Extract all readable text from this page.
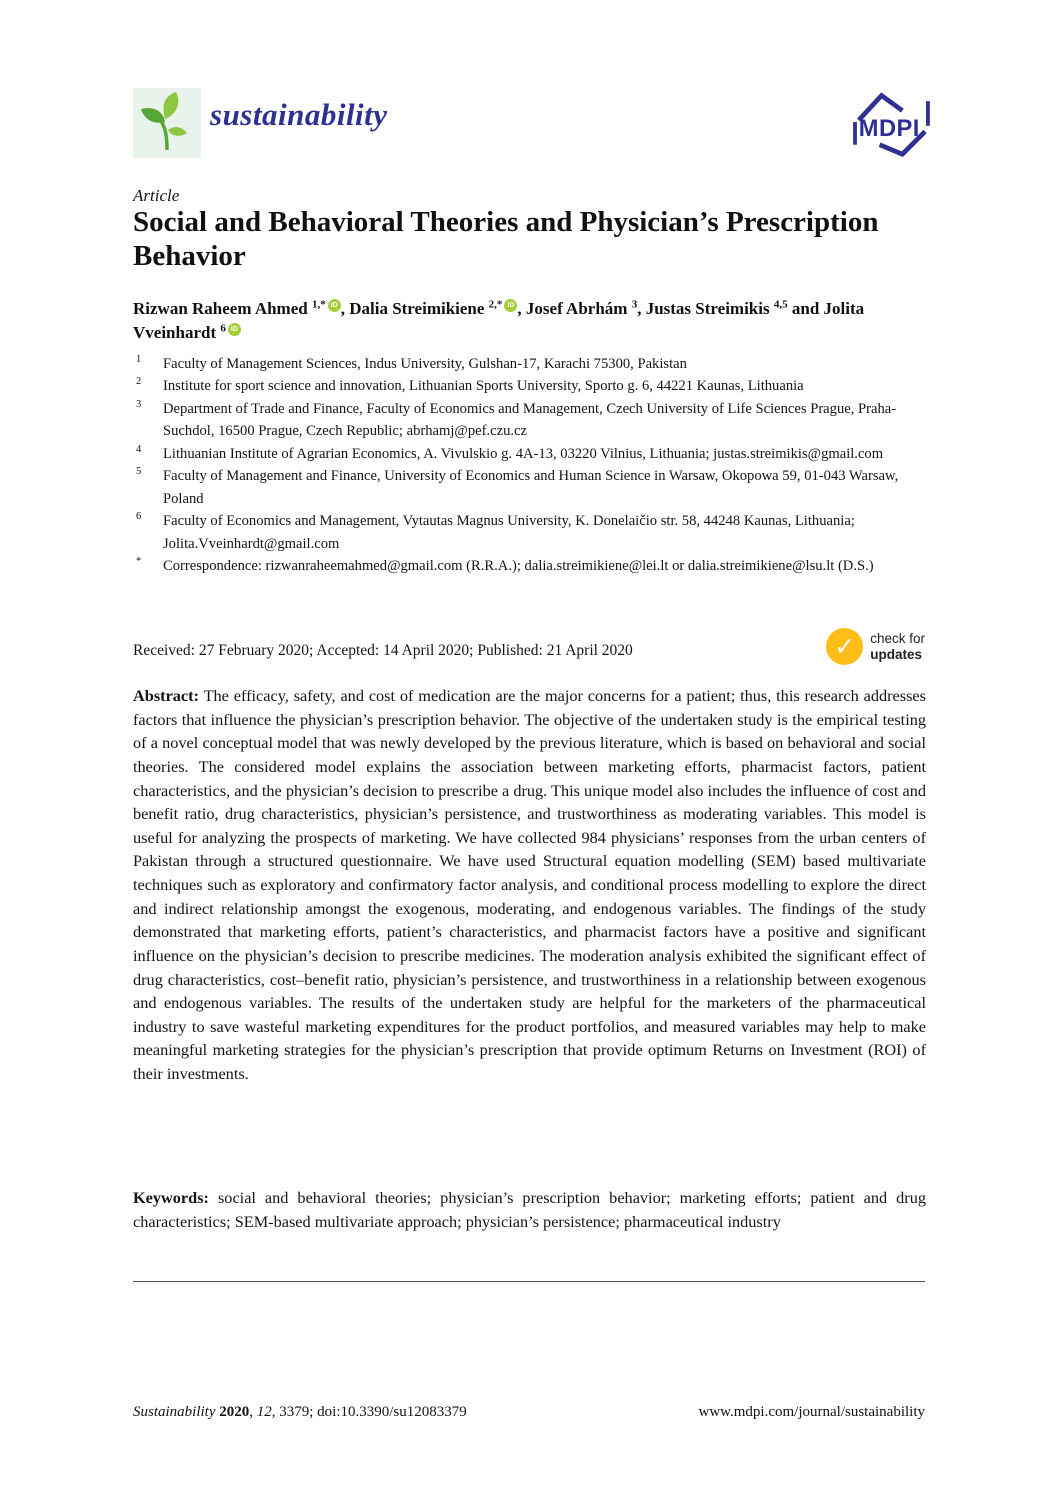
sustainability	MDPI
Article
Social and Behavioral Theories and Physician’s Prescription Behavior
Rizwan Raheem Ahmed $^{1,*}$ iD , Dalia Streimikiene $^{2,*}$ iD , Josef Abrhám $^3$, Justas Streimikis $^{4,5}$ and Jolita Vveinhardt $^6$ iD
1 Faculty of Management Sciences, Indus University, Gulshan-17, Karachi 75300, Pakistan
2 Institute for sport science and innovation, Lithuanian Sports University, Sporto g. 6, 44221 Kaunas, Lithuania
3 Department of Trade and Finance, Faculty of Economics and Management, Czech University of Life Sciences Prague, Praha-Suchdol, 16500 Prague, Czech Republic; abrhamj@pef.czu.cz
4 Lithuanian Institute of Agrarian Economics, A. Vivulskio g. 4A-13, 03220 Vilnius, Lithuania; justas.streimikis@gmail.com
5 Faculty of Management and Finance, University of Economics and Human Science in Warsaw, Okopowa 59, 01-043 Warsaw, Poland
6 Faculty of Economics and Management, Vytautas Magnus University, K. Donelaičio str. 58, 44248 Kaunas, Lithuania; Jolita.Vveinhardt@gmail.com
* Correspondence: rizwanraheemahmed@gmail.com (R.R.A.); dalia.streimikiene@lei.lt or dalia.streimikiene@lsu.lt (D.S.)
Received: 27 February 2020; Accepted: 14 April 2020; Published: 21 April 2020	✓	check for
updates

Abstract: The efficacy, safety, and cost of medication are the major concerns for a patient; thus, this research addresses factors that influence the physician’s prescription behavior. The objective of the undertaken study is the empirical testing of a novel conceptual model that was newly developed by the previous literature, which is based on behavioral and social theories. The considered model explains the association between marketing efforts, pharmacist factors, patient characteristics, and the physician’s decision to prescribe a drug. This unique model also includes the influence of cost and benefit ratio, drug characteristics, physician’s persistence, and trustworthiness as moderating variables. This model is useful for analyzing the prospects of marketing. We have collected 984 physicians’ responses from the urban centers of Pakistan through a structured questionnaire. We have used Structural equation modelling (SEM) based multivariate techniques such as exploratory and confirmatory factor analysis, and conditional process modelling to explore the direct and indirect relationship amongst the exogenous, moderating, and endogenous variables. The findings of the study demonstrated that marketing efforts, patient’s characteristics, and pharmacist factors have a positive and significant influence on the physician’s decision to prescribe medicines. The moderation analysis exhibited the significant effect of drug characteristics, cost–benefit ratio, physician’s persistence, and trustworthiness in a relationship between exogenous and endogenous variables. The results of the undertaken study are helpful for the marketers of the pharmaceutical industry to save wasteful marketing expenditures for the product portfolios, and measured variables may help to make meaningful marketing strategies for the physician’s prescription that provide optimum Returns on Investment (ROI) of their investments.

Keywords: social and behavioral theories; physician’s prescription behavior; marketing efforts; patient and drug characteristics; SEM-based multivariate approach; physician’s persistence; pharmaceutical industry

Sustainability 2020, 12, 3379; doi:10.3390/su12083379	www.mdpi.com/journal/sustainability
